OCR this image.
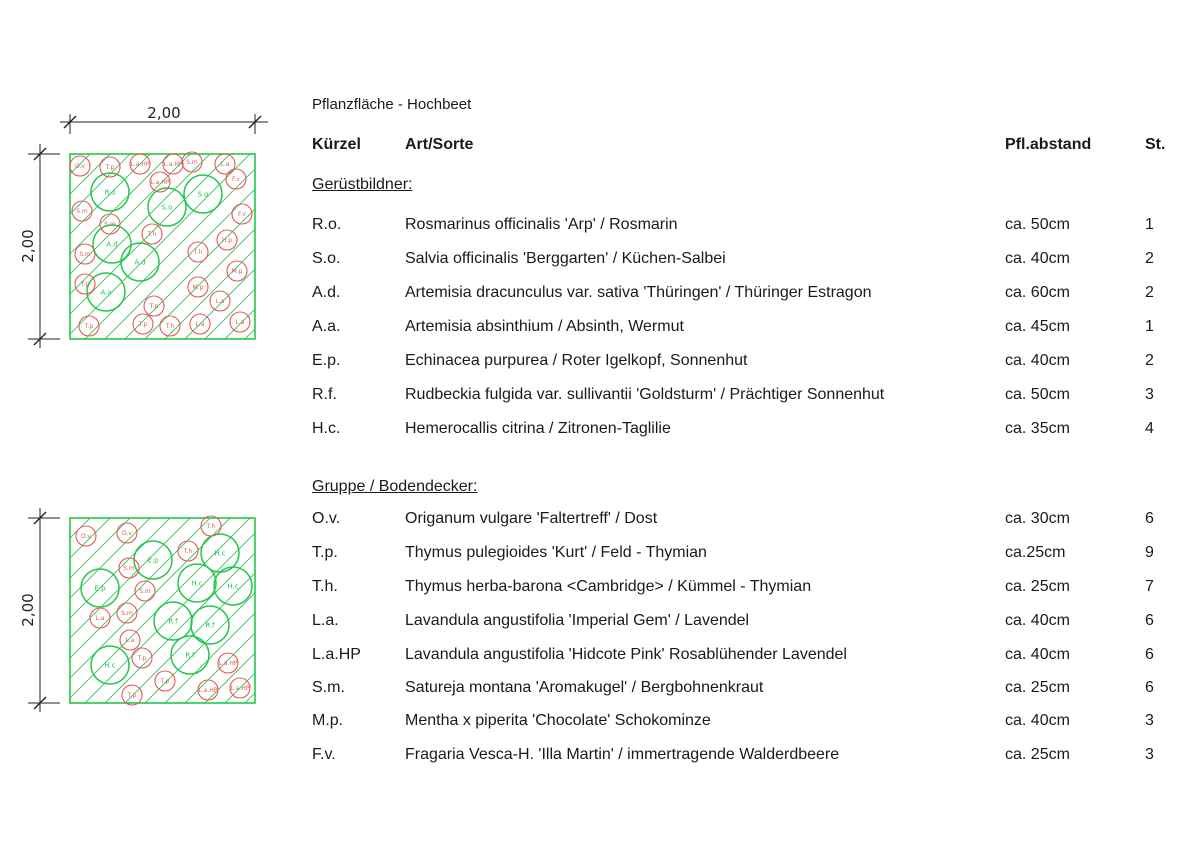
2,00
2,00
R.o
S.o
S.o
A.d
A.d
A.a
O.v	L.a.HP L.a.HP S.m
T.p	L.a
F.v
L.a.HP
S.m
S.m
T.h
H.p
F.v
S.m	T.h
M.p
T.p	M.p
L.a
T.p
T.h	L.a
T.p
L.a
T.p
2,00
E.p
H.c
E.p
H.c	H.c
R.f	R.f
R.f
H.c
O.v	O.v
T.h
S.m
T.h
S.m
L.a
S.m
L.a
T.p
L.a.HP
T.p
L.a.HP L.a.HP
T.p
Pflanzfläche - Hochbeet
Kürzel	Art/Sorte	Pfl.abstand	St.
Gerüstbildner:
R.o.	Rosmarinus officinalis 'Arp' / Rosmarin	ca. 50cm	1
S.o.	Salvia officinalis 'Berggarten' / Küchen-Salbei	ca. 40cm	2
A.d.	Artemisia dracunculus var. sativa 'Thüringen' / Thüringer Estragon	ca. 60cm	2
A.a.	Artemisia absinthium / Absinth, Wermut	ca. 45cm	1
E.p.	Echinacea purpurea / Roter Igelkopf, Sonnenhut	ca. 40cm	2
R.f.	Rudbeckia fulgida var. sullivantii 'Goldsturm' / Prächtiger Sonnenhut	ca. 50cm	3
H.c.	Hemerocallis citrina / Zitronen-Taglilie	ca. 35cm	4
Gruppe / Bodendecker:
O.v.	Origanum vulgare 'Faltertreff' / Dost	ca. 30cm	6
T.p.	Thymus pulegioides 'Kurt' / Feld - Thymian	ca.25cm	9
T.h.	Thymus herba-barona <Cambridge> / Kümmel - Thymian	ca. 25cm	7
L.a.	Lavandula angustifolia 'Imperial Gem' / Lavendel	ca. 40cm	6
L.a.HP	Lavandula angustifolia 'Hidcote Pink' Rosablühender Lavendel	ca. 40cm	6
S.m.	Satureja montana 'Aromakugel' / Bergbohnenkraut	ca. 25cm	6
M.p.	Mentha x piperita 'Chocolate' Schokominze	ca. 40cm	3
F.v.	Fragaria Vesca-H. 'Illa Martin' / immertragende Walderdbeere	ca. 25cm	3
